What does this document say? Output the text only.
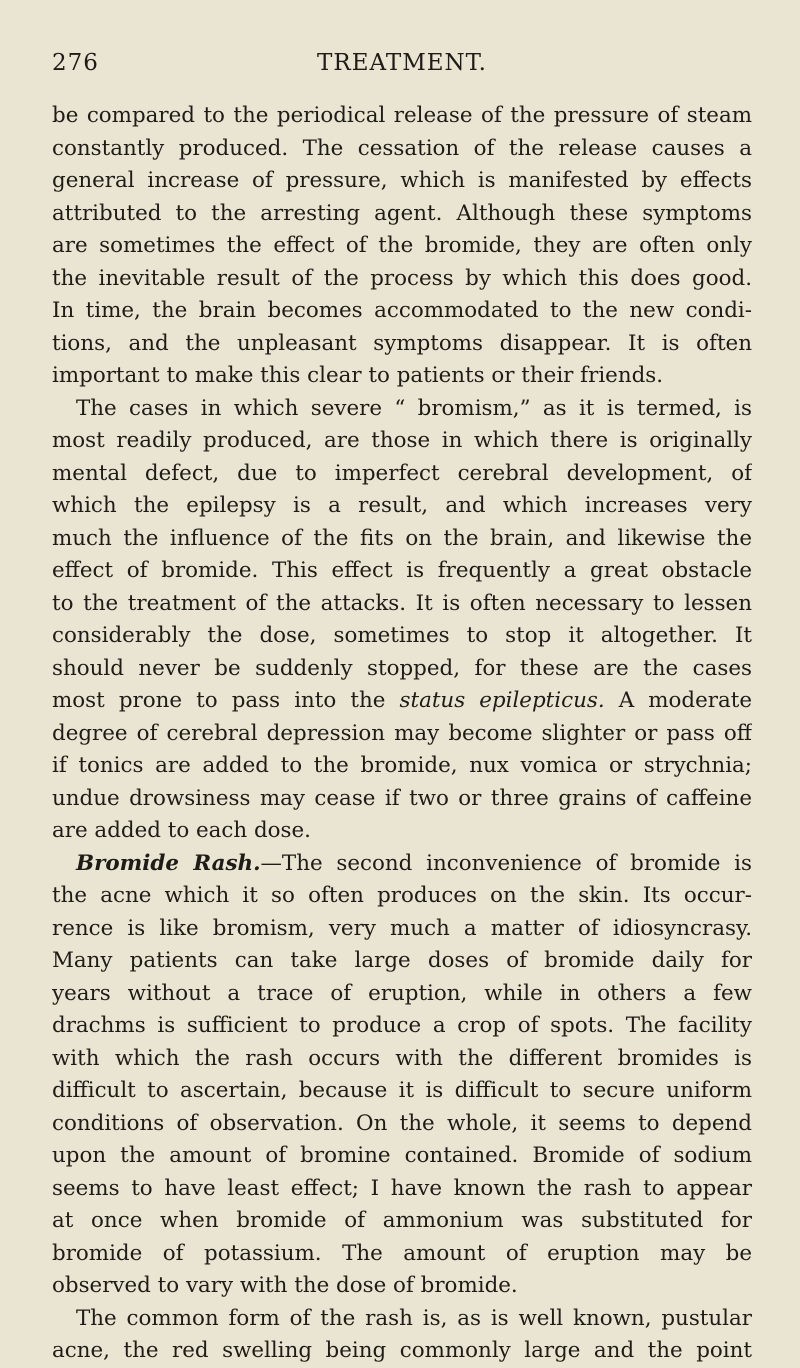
276	TREATMENT.
be compared to the periodical release of the pressure of steam
constantly produced. The cessation of the release causes a
general increase of pressure, which is manifested by effects
attributed to the arresting agent. Although these symptoms
are sometimes the effect of the bromide, they are often only
the inevitable result of the process by which this does good.
In time, the brain becomes accommodated to the new condi-
tions, and the unpleasant symptoms disappear. It is often
important to make this clear to patients or their friends.
The cases in which severe “ bromism,” as it is termed, is
most readily produced, are those in which there is originally
mental defect, due to imperfect cerebral development, of
which the epilepsy is a result, and which increases very
much the influence of the fits on the brain, and likewise the
effect of bromide. This effect is frequently a great obstacle
to the treatment of the attacks. It is often necessary to lessen
considerably the dose, sometimes to stop it altogether. It
should never be suddenly stopped, for these are the cases
most prone to pass into the status epilepticus. A moderate
degree of cerebral depression may become slighter or pass off
if tonics are added to the bromide, nux vomica or strychnia;
undue drowsiness may cease if two or three grains of caffeine
are added to each dose.
Bromide Rash.—The second inconvenience of bromide is
the acne which it so often produces on the skin. Its occur-
rence is like bromism, very much a matter of idiosyncrasy.
Many patients can take large doses of bromide daily for
years without a trace of eruption, while in others a few
drachms is sufficient to produce a crop of spots. The facility
with which the rash occurs with the different bromides is
difficult to ascertain, because it is difficult to secure uniform
conditions of observation. On the whole, it seems to depend
upon the amount of bromine contained. Bromide of sodium
seems to have least effect; I have known the rash to appear
at once when bromide of ammonium was substituted for
bromide of potassium. The amount of eruption may be
observed to vary with the dose of bromide.
The common form of the rash is, as is well known, pustular
acne, the red swelling being commonly large and the point
